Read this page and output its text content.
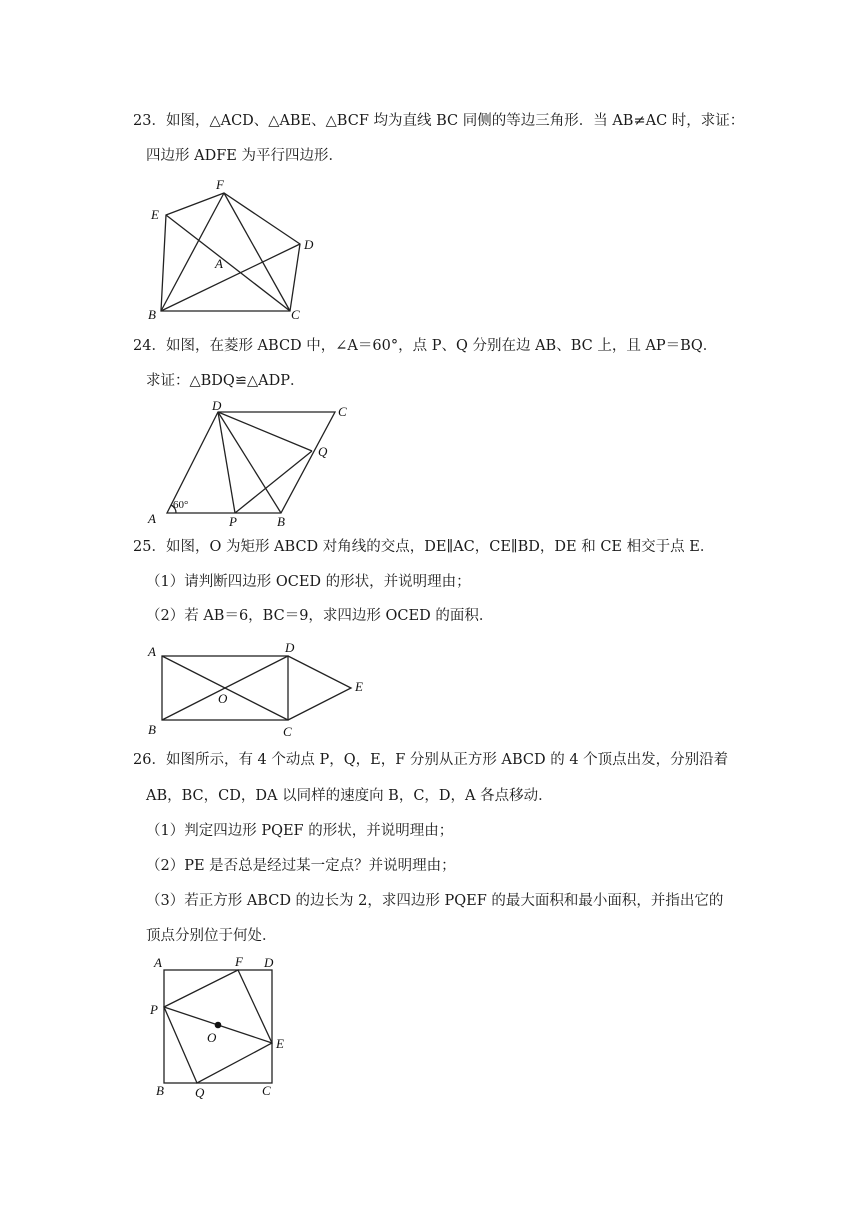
23．如图，△ACD、△ABE、△BCF 均为直线 BC 同侧的等边三角形．当 AB≠AC 时，求证：
四边形 ADFE 为平行四边形．
F
E
D
A
B	C
24．如图，在菱形 ABCD 中，∠A＝60°，点 P、Q 分别在边 AB、BC 上，且 AP＝BQ．
求证：△BDQ≌△ADP．
D	C
Q
60°
A	P	B
25．如图，O 为矩形 ABCD 对角线的交点，DE∥AC，CE∥BD，DE 和 CE 相交于点 E．
（1）请判断四边形 OCED 的形状，并说明理由；
（2）若 AB＝6，BC＝9，求四边形 OCED 的面积．
A	D
E
O
B	C
26．如图所示，有 4 个动点 P，Q，E，F 分别从正方形 ABCD 的 4 个顶点出发，分别沿着
AB，BC，CD，DA 以同样的速度向 B，C，D，A 各点移动．
（1）判定四边形 PQEF 的形状，并说明理由；
（2）PE 是否总是经过某一定点？并说明理由；
（3）若正方形 ABCD 的边长为 2，求四边形 PQEF 的最大面积和最小面积，并指出它的
顶点分别位于何处．
A	F D
P
O	E
B Q	C
